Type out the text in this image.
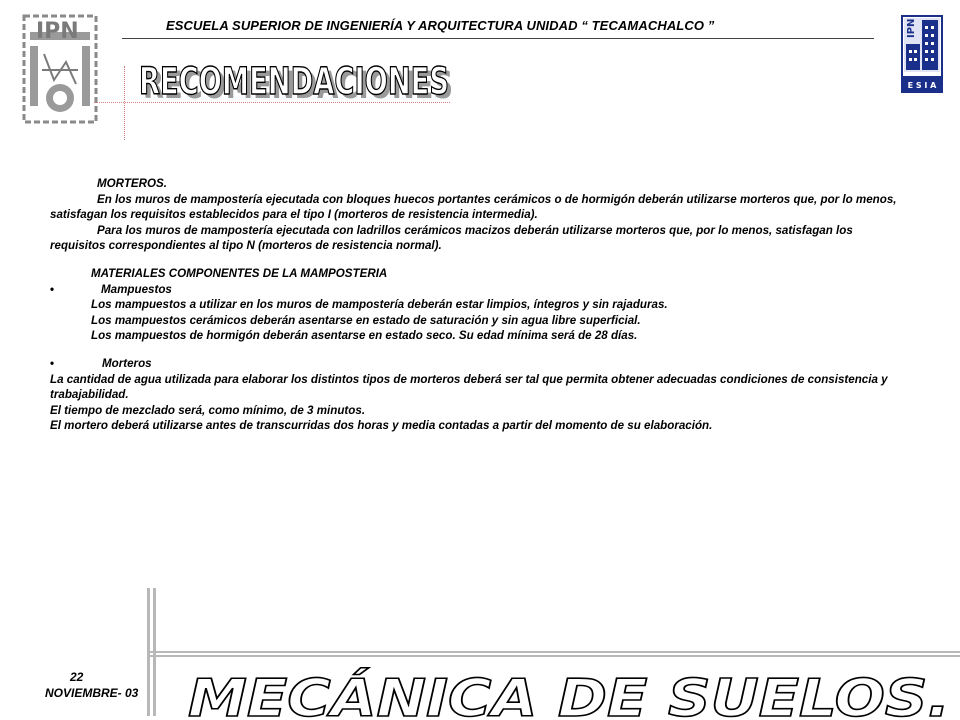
ESCUELA SUPERIOR DE INGENIERÍA Y ARQUITECTURA UNIDAD “ TECAMACHALCO ”
IPN	IPN
E S I A
RECOMENDACIONES
RECOMENDACIONES

MORTEROS.

En los muros de mampostería ejecutada con bloques huecos portantes cerámicos o de hormigón deberán utilizarse morteros que, por lo menos, satisfagan los requisitos establecidos para el tipo I (morteros de resistencia intermedia).

Para los muros de mampostería ejecutada con ladrillos cerámicos macizos deberán utilizarse morteros que, por lo menos, satisfagan los requisitos correspondientes al tipo N (morteros de resistencia normal).

MATERIALES COMPONENTES DE LA MAMPOSTERIA

•	Mampuestos

Los mampuestos a utilizar en los muros de mampostería deberán estar limpios, íntegros y sin rajaduras.

Los mampuestos cerámicos deberán asentarse en estado de saturación y sin agua libre superficial.

Los mampuestos de hormigón deberán asentarse en estado seco. Su edad mínima será de 28 días.

•	Morteros

La cantidad de agua utilizada para elaborar los distintos tipos de morteros deberá ser tal que permita obtener adecuadas condiciones de consistencia y trabajabilidad.

El tiempo de mezclado será, como mínimo, de 3 minutos.

El mortero deberá utilizarse antes de transcurridas dos horas y media contadas a partir del momento de su elaboración.

22
NOVIEMBRE- 03 MECÁNICA DE SUELOS.
